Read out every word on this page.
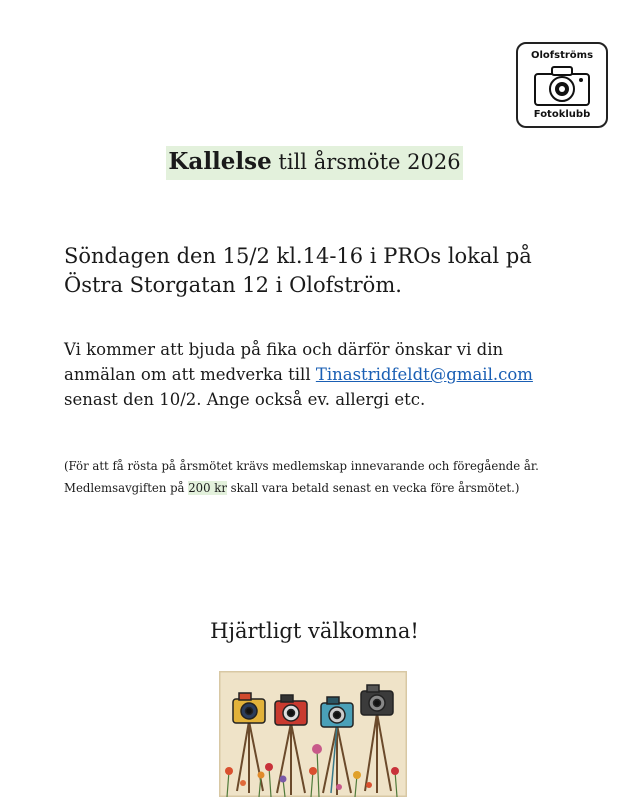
Olofströms
Fotoklubb
Kallelse till årsmöte 2026
Söndagen den 15/2 kl.14-16 i PROs lokal på
Östra Storgatan 12 i Olofström.
Vi kommer att bjuda på fika och därför önskar vi din
anmälan om att medverka till Tinastridfeldt@gmail.com
senast den 10/2. Ange också ev. allergi etc.
(För att få rösta på årsmötet krävs medlemskap innevarande och föregående år.
Medlemsavgiften på 200 kr skall vara betald senast en vecka före årsmötet.)
Hjärtligt välkomna!
